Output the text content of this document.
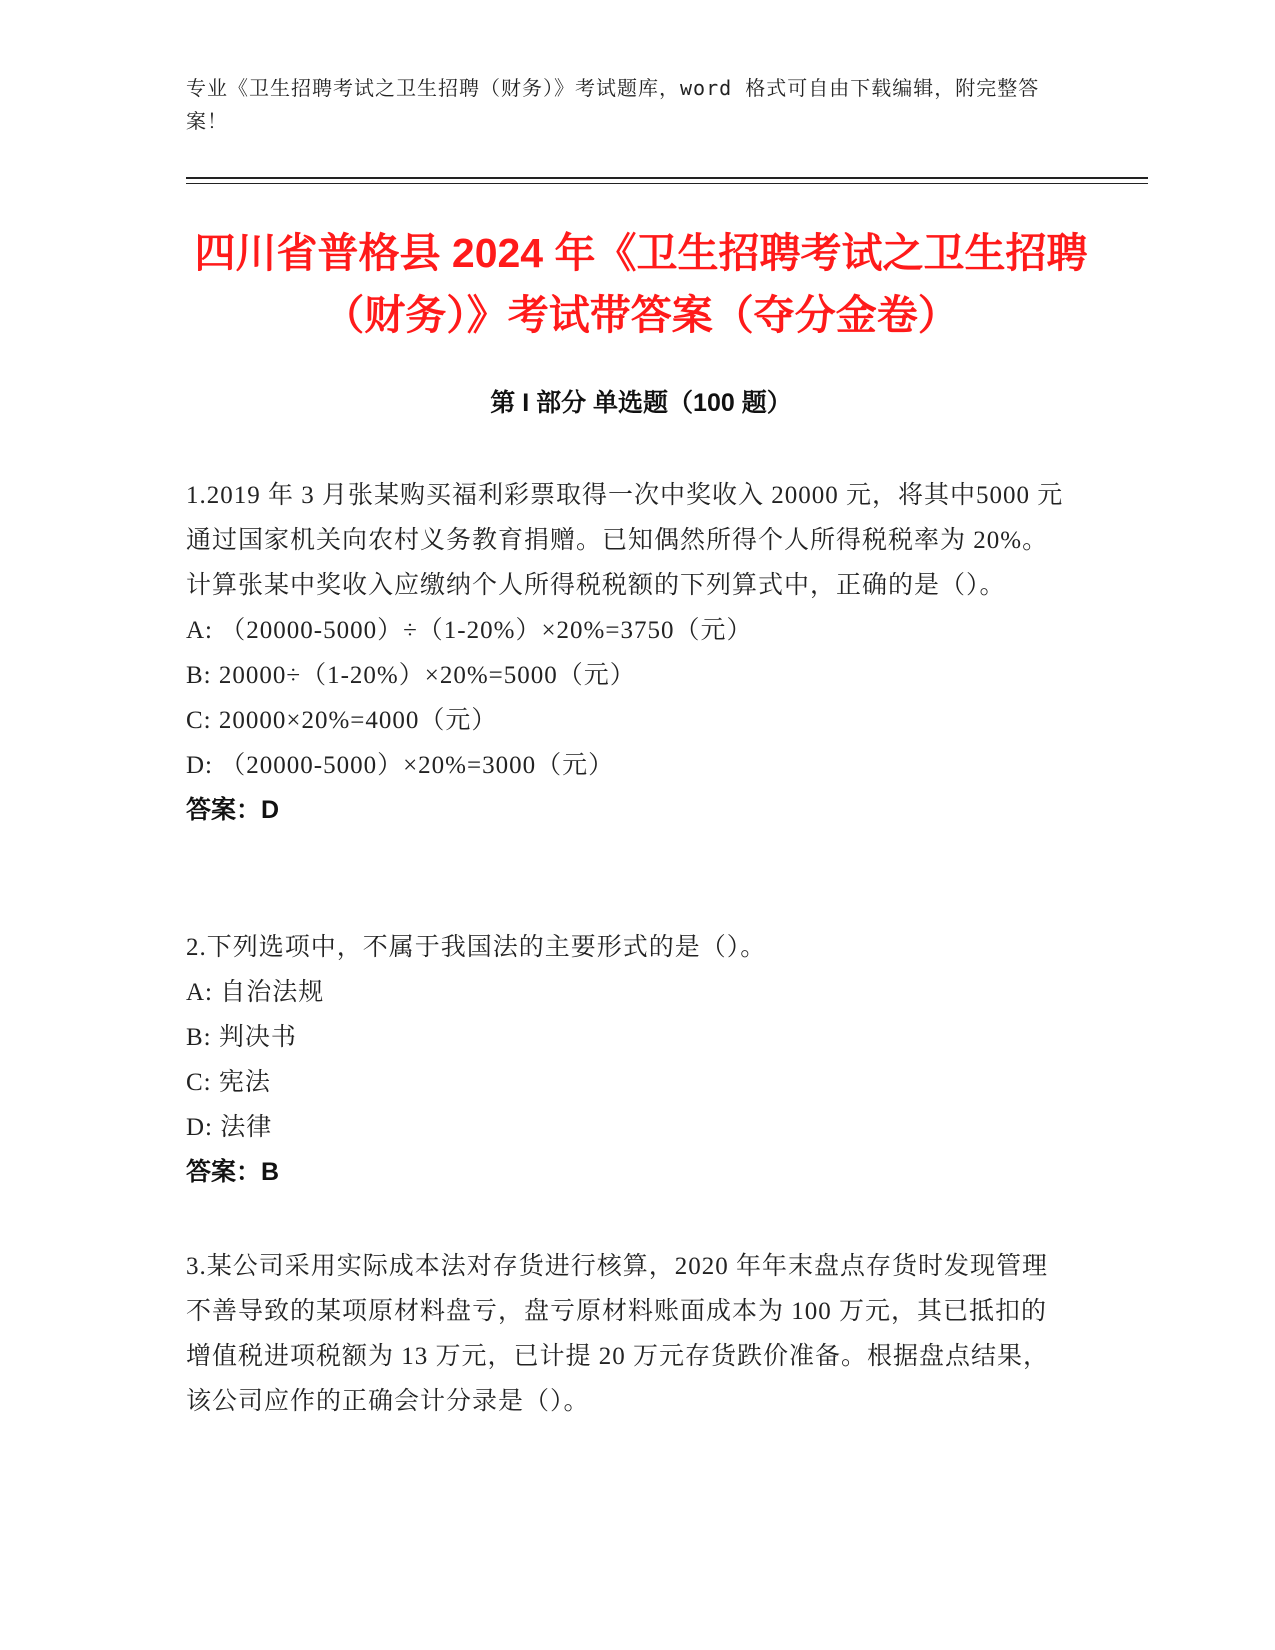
专业《卫生招聘考试之卫生招聘（财务）》考试题库，word 格式可自由下载编辑，附完整答案！
四川省普格县 2024 年《卫生招聘考试之卫生招聘（财务）》考试带答案（夺分金卷）
第 I 部分 单选题（100 题）

1.2019 年 3 月张某购买福利彩票取得一次中奖收入 20000 元，将其中5000 元通过国家机关向农村义务教育捐赠。已知偶然所得个人所得税税率为 20%。计算张某中奖收入应缴纳个人所得税税额的下列算式中，正确的是（）。

A: （20000-5000）÷（1-20%）×20%=3750（元）

B: 20000÷（1-20%）×20%=5000（元）

C: 20000×20%=4000（元）

D: （20000-5000）×20%=3000（元）

答案：D

2.下列选项中，不属于我国法的主要形式的是（）。

A: 自治法规

B: 判决书

C: 宪法

D: 法律

答案：B

3.某公司采用实际成本法对存货进行核算，2020 年年末盘点存货时发现管理不善导致的某项原材料盘亏，盘亏原材料账面成本为 100 万元，其已抵扣的增值税进项税额为 13 万元，已计提 20 万元存货跌价准备。根据盘点结果，该公司应作的正确会计分录是（）。
